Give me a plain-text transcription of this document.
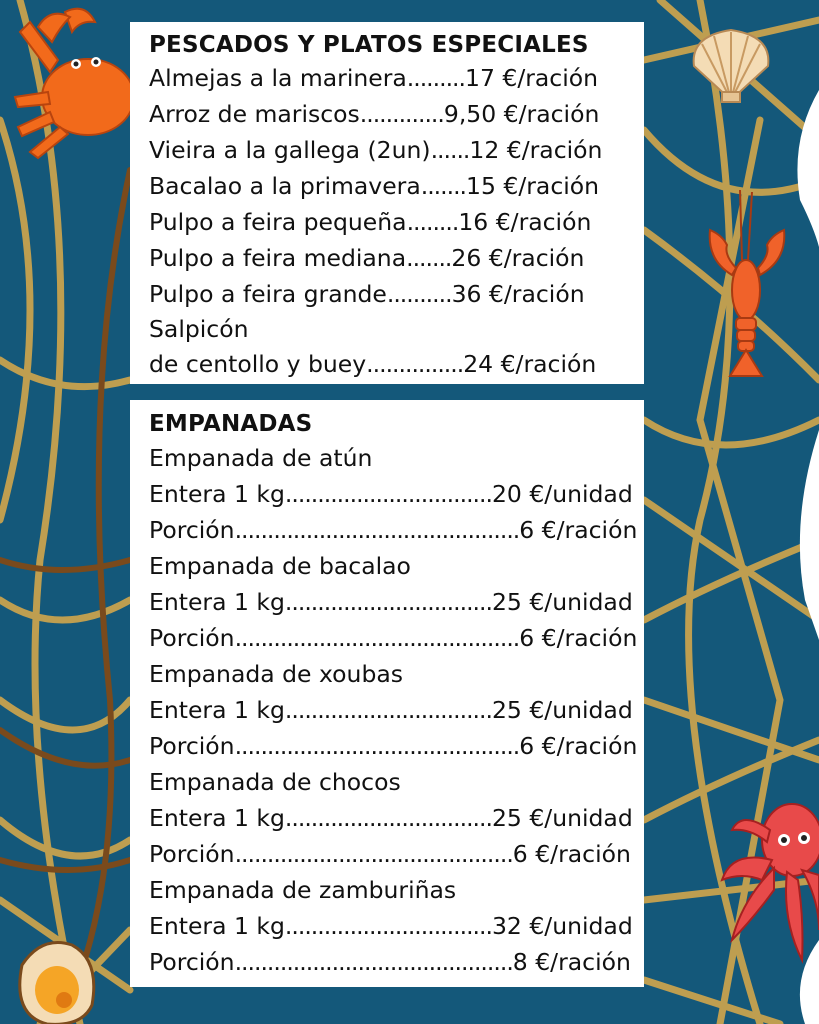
PESCADOS Y PLATOS ESPECIALES
Almejas a la marinera.........17 €/ración
Arroz de mariscos.............9,50 €/ración
Vieira a la gallega (2un)......12 €/ración
Bacalao a la primavera.......15 €/ración
Pulpo a feira pequeña........16 €/ración
Pulpo a feira mediana.......26 €/ración
Pulpo a feira grande..........36 €/ración
Salpicón
de centollo y buey...............24 €/ración
EMPANADAS
Empanada de atún
Entera 1 kg................................20 €/unidad
Porción............................................6 €/ración
Empanada de bacalao
Entera 1 kg................................25 €/unidad
Porción............................................6 €/ración
Empanada de xoubas
Entera 1 kg................................25 €/unidad
Porción............................................6 €/ración
Empanada de chocos
Entera 1 kg................................25 €/unidad
Porción...........................................6 €/ración
Empanada de zamburiñas
Entera 1 kg................................32 €/unidad
Porción...........................................8 €/ración
